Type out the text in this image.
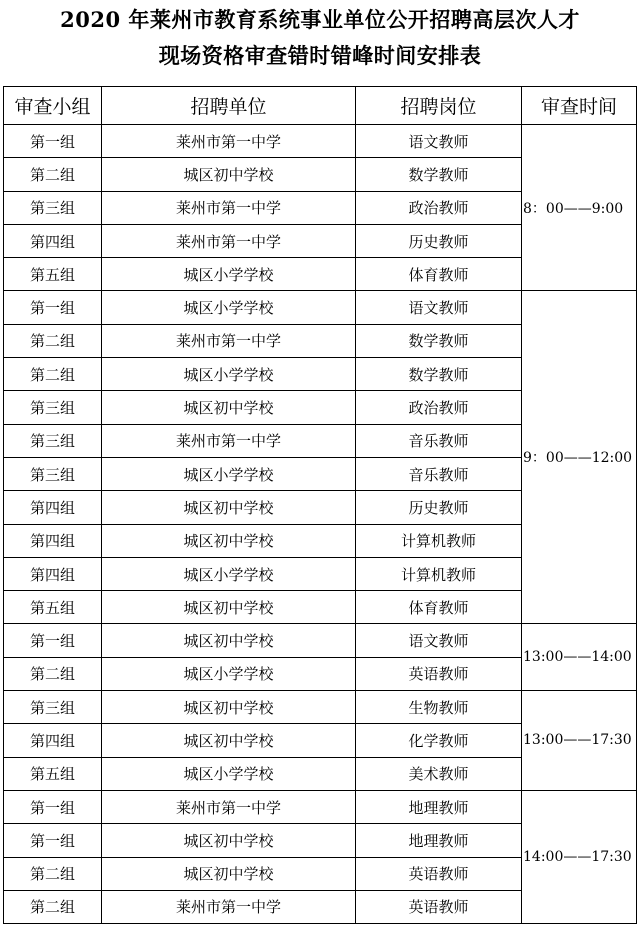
2020 年莱州市教育系统事业单位公开招聘高层次人才
现场资格审查错时错峰时间安排表
审查小组	招聘单位	招聘岗位	审查时间
第一组	莱州市第一中学	语文教师	8：00——9:00
第二组	城区初中学校	数学教师	
第三组	莱州市第一中学	政治教师	
第四组	莱州市第一中学	历史教师	
第五组	城区小学学校	体育教师	
第一组	城区小学学校	语文教师	9：00——12:00
第二组	莱州市第一中学	数学教师	
第二组	城区小学学校	数学教师	
第三组	城区初中学校	政治教师	
第三组	莱州市第一中学	音乐教师	
第三组	城区小学学校	音乐教师	
第四组	城区初中学校	历史教师	
第四组	城区初中学校	计算机教师	
第四组	城区小学学校	计算机教师	
第五组	城区初中学校	体育教师	
第一组	城区初中学校	语文教师	13:00——14:00
第二组	城区小学学校	英语教师	
第三组	城区初中学校	生物教师	13:00——17:30
第四组	城区初中学校	化学教师	
第五组	城区小学学校	美术教师	
第一组	莱州市第一中学	地理教师	14:00——17:30
第一组	城区初中学校	地理教师	
第二组	城区初中学校	英语教师	
第二组	莱州市第一中学	英语教师	
